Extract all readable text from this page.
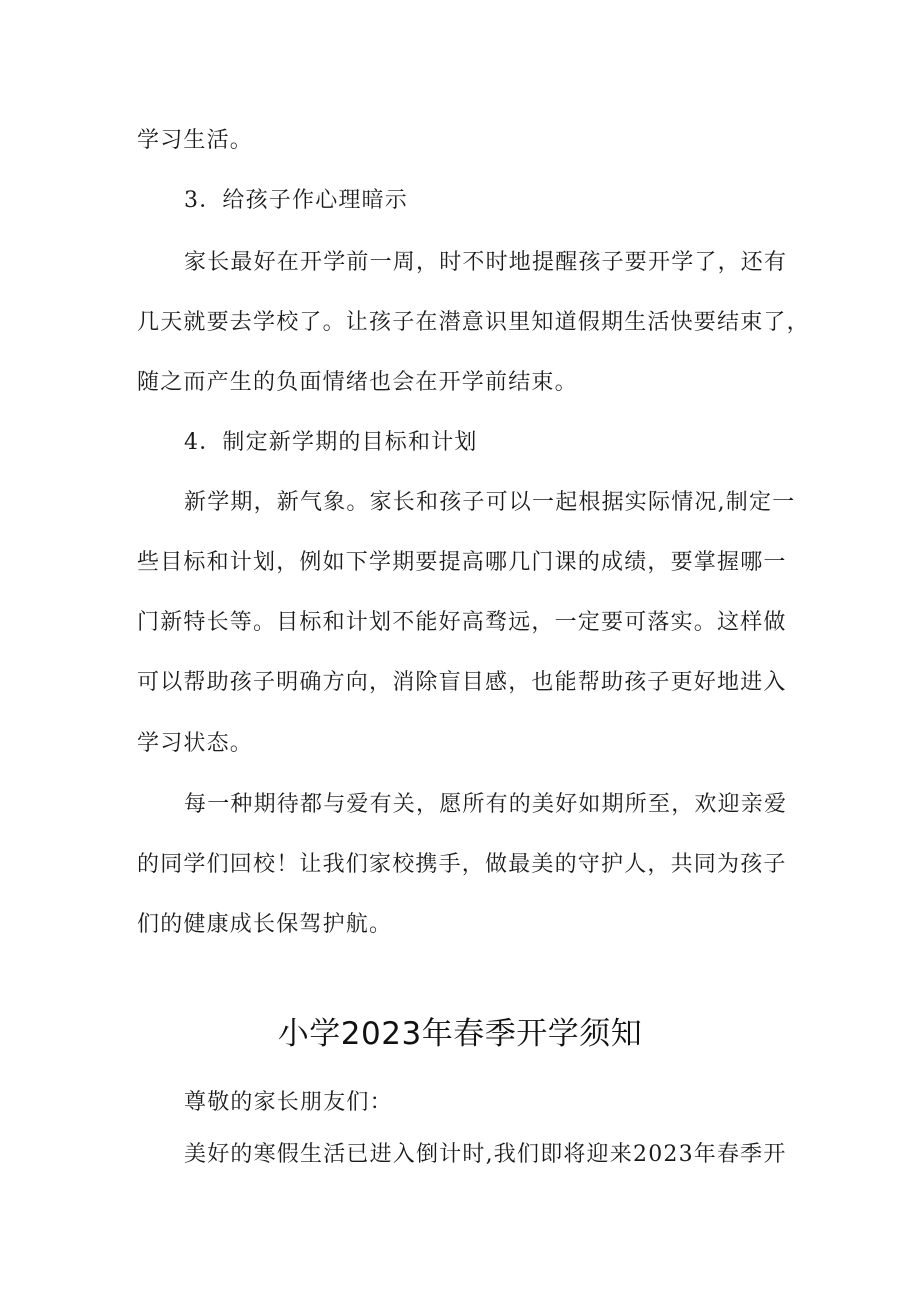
学习生活。
3．给孩子作心理暗示
家长最好在开学前一周，时不时地提醒孩子要开学了，还有
几天就要去学校了。让孩子在潜意识里知道假期生活快要结束了，
随之而产生的负面情绪也会在开学前结束。
4．制定新学期的目标和计划
新学期，新气象。家长和孩子可以一起根据实际情况,制定一
些目标和计划，例如下学期要提高哪几门课的成绩，要掌握哪一
门新特长等。目标和计划不能好高骛远，一定要可落实。这样做
可以帮助孩子明确方向，消除盲目感，也能帮助孩子更好地进入
学习状态。
每一种期待都与爱有关，愿所有的美好如期所至，欢迎亲爱
的同学们回校！让我们家校携手，做最美的守护人，共同为孩子
们的健康成长保驾护航。
小学2023年春季开学须知
尊敬的家长朋友们：
美好的寒假生活已进入倒计时,我们即将迎来2023年春季开
